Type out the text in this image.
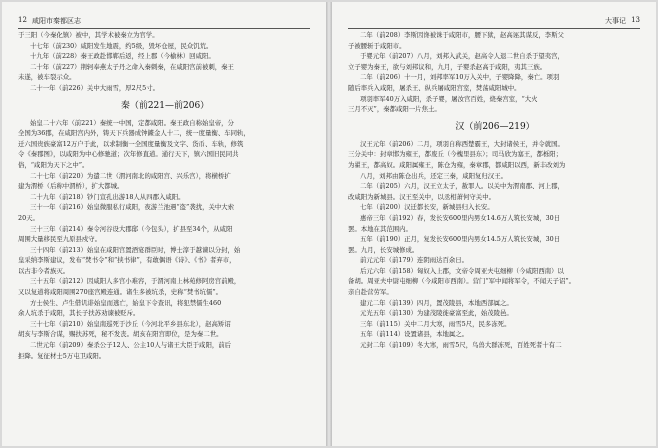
12 咸阳市秦都区志
于三阳（今秦化镇）被中，其学术被秦立为官学。
十七年（前230）咸阳发生地震，约5级，毁坏仓屋，民众饥荒。
十九年（前228）秦王政赴邯郸后返，经上郡（今榆林）回咸阳。
二十年（前227）荆轲奉燕太子丹之命入秦刺秦，在咸阳宫前被刺，秦王
未遂，被车裂示众。
二十一年（前226）关中大雨雪，厚2尺5寸。
秦（前221—前206）
始皇二十六年（前221）秦统一中国，定都咸阳。秦王政自称始皇帝，分
全国为36郡，在咸阳宫内外，铸天下兵器成钟鐻金人十二，统一度量衡、车同轨，
迁六国贵族豪富12万户于此，以求制衡一全国度量衡及文字、货币、车轨，修筑
令《秦郡图》，以咸阳为中心修驰道；次年修直道。通行天下，镇六国旧民同共
俗，“咸阳为天下之中”。
二十七年（前220）为遣二世（渭河南北的咸阳宫、兴乐宫），将横桥扩
建为渭桥（后称中渭桥），扩大都城。
二十九年（前218）钞门宣孔出游18人从四郡入咸阳。
三十一年（前216）始皇微服私行咸阳，夜游兰池遇“盗”袭扰，关中大索
20天。
三十三年（前214）秦令河谷设大郡邸（今包头），扩县至34个，从咸阳
周围大量移民至九原县戍守。
三十四年（前213）始皇在咸阳宫置酒宴群臣时，博士淳于越谏以分封，始
皇采纳李斯建议，发布“焚书令”和“挟书律”，有敢偶语《诗》、《书》者弃市，
以古非今者族灭。
三十五年（前212）因咸阳人多宫小难容，于渭河南上林苑修阿房宫前殿，
又以复道将咸阳周围270座宫殿连通。诸生多被坑杀，史称“焚书坑儒”。
方士侯生、卢生借讥诽始皇而逃亡，始皇下令查讯，将犯禁儒生460
余人坑杀于咸阳，其长子扶苏劝谏被贬斥。
三十七年（前210）始皇南巡死于沙丘（今河北平乡县东北），赵高矫诏
胡亥与李斯合谋，赐扶苏死，秘不发丧。胡亥在阳宫即位，是为秦二世。
二世元年（前209）秦杀公子12人、公主10人与诸王大臣于咸阳，前后
拒降。复征材士5万屯卫咸阳。
大事记 13
二年（前208）李斯因谗被诛于咸阳市，腰下狱，赵高诬其谋反，李斯父
子被腰斩于咸阳市。
于婴元年（前207）八月，刘邦入武关，赵高令人退二世自杀于望夷宫，
立子婴为秦王，欲与刘邦议和，九月，子婴杀赵高于咸阳，夷其三族。
二年（前206）十一月，刘邦率军10万入关中，子婴降降，秦亡。项羽
随后率兵入咸阳，屠杀王、纵兵屠咸阳宫室，焚荡咸阳城中。
项羽率军40万入咸阳，杀子婴，屠汝宫百姓，烧秦宫室，“大火
三月不灭”，秦都咸阳一片焦土。
汉（前206—219）
汉王元年（前206）二月，项羽自称西楚霸王，大封诸侯王，并令就国。
三分关中：封章邯为雍王，都废丘（今槐里县东）；司马欣为塞王，都栎阳；
为翟王，都高奴。咸阳属雍王，陈仓为雍，秦章郡，都咸阳以西，新丰改刘为
八月，刘邦由陈仓出兵，还定三秦，咸阳复归汉王。
二年（前205）六月，汉王立太子，赦罪人。以关中为渭南郡、河上郡，
改咸阳为新城县。汉王至关中，以丞相萧何守关中。
七年（前200）汉迁都长安，新城县归入长安。
惠帝三年（前192）春，发长安600里内男女14.6万人筑长安城，30日
罢。本地在其范围内。
五年（前190）正月，复发长安600里内男女14.5万人筑长安城，30日
罢。九月，长安城修成。
前元元年（前179）连阴雨达百余日。
后元六年（前158）匈奴入上郡，文帝令周亚夫屯细柳（今咸阳西南）以
备胡。周亚夫中尉屯细柳（今咸阳市西南）。营门“军中闻将军令，不闻天子诏”。
亲自赴营劳军。
建元二年（前139）四月，置茂陵县，本地西部属之。
元光五年（前130）为建茂陵徙豪富至此，始茂陵邑。
三年（前115）关中二月大寒，雨雪5尺，民多冻死。
五年（前114）设置诸县，本地属之。
元封二年（前109）冬大寒，雨雪5尺，鸟兽大群冻死，百姓死者十有二
